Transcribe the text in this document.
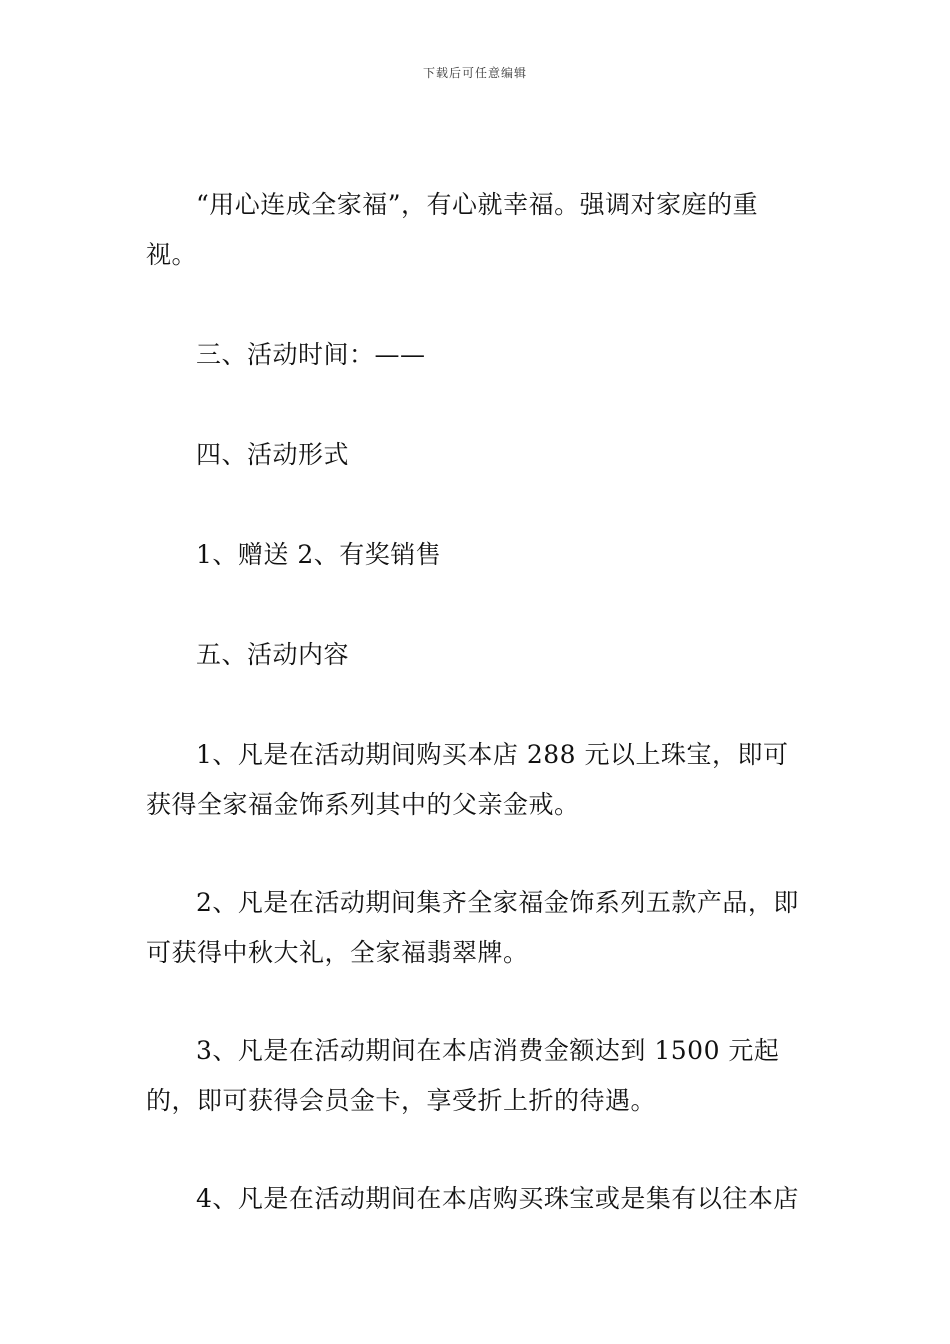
下载后可任意编辑

“用心连成全家福”，有心就幸福。强调对家庭的重视。

三、活动时间：——

四、活动形式

1、赠送 2、有奖销售

五、活动内容

1、凡是在活动期间购买本店 288 元以上珠宝，即可获得全家福金饰系列其中的父亲金戒。

2、凡是在活动期间集齐全家福金饰系列五款产品，即可获得中秋大礼，全家福翡翠牌。

3、凡是在活动期间在本店消费金额达到 1500 元起的，即可获得会员金卡，享受折上折的待遇。

4、凡是在活动期间在本店购买珠宝或是集有以往本店
